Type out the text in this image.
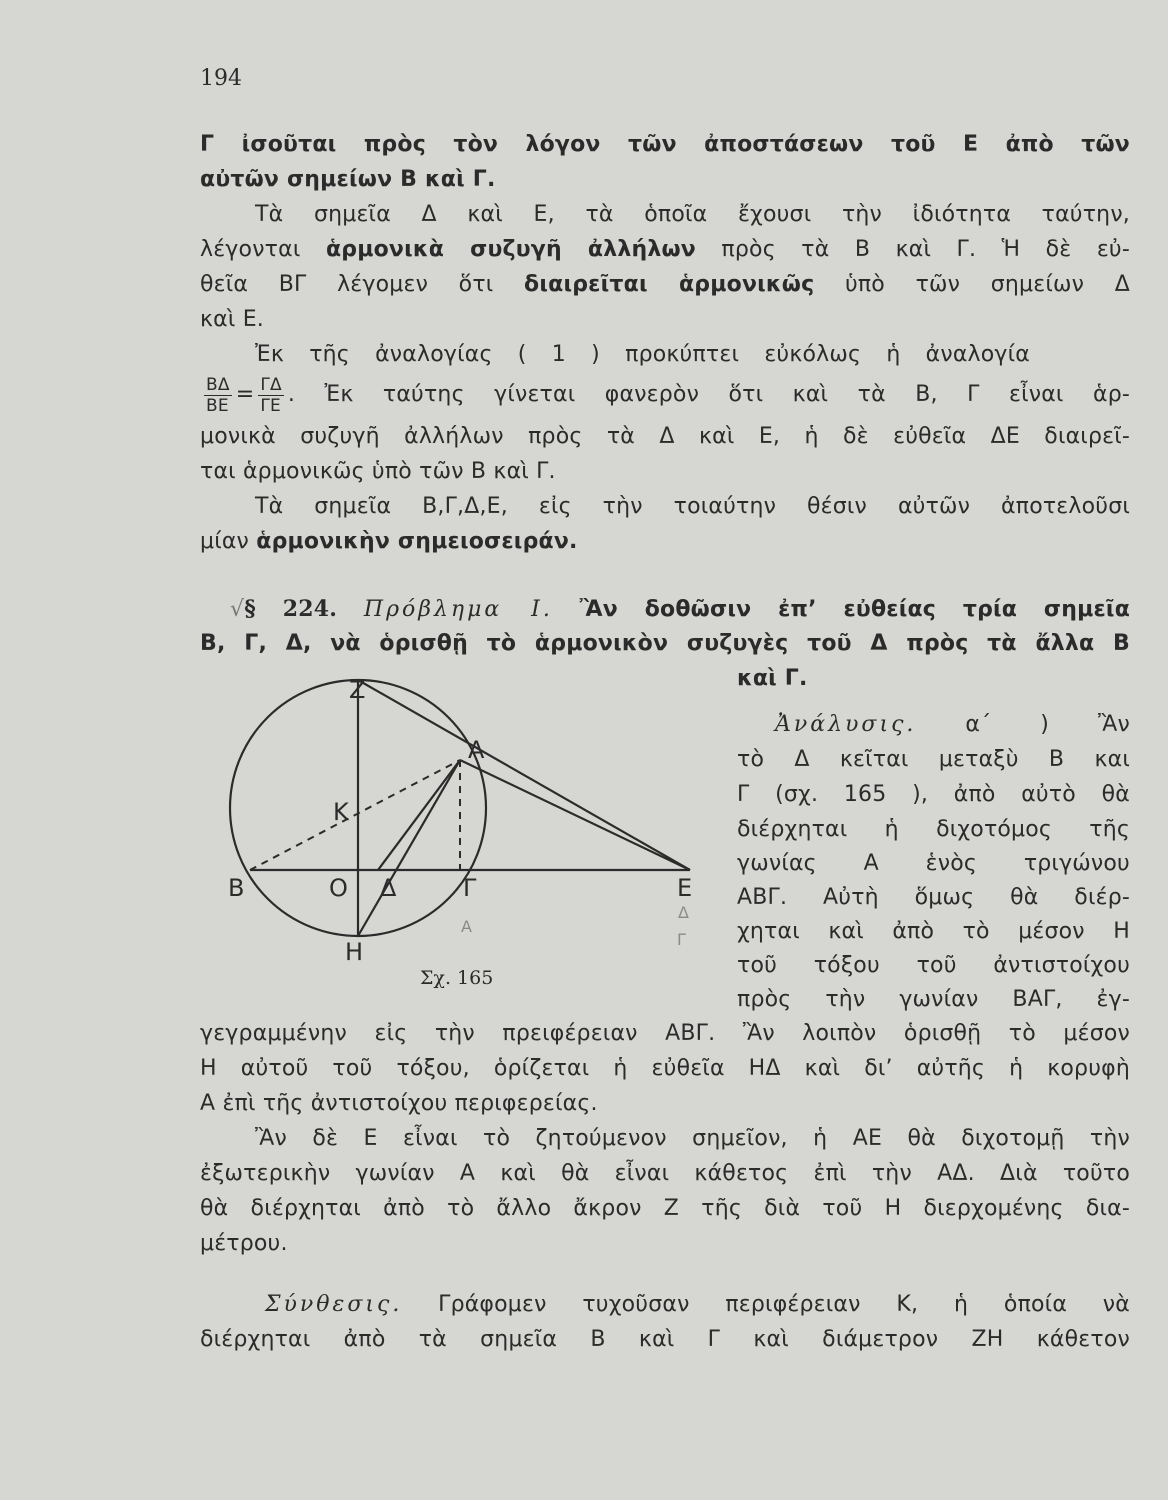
194
Γ ἰσοῦται πρὸς τὸν λόγον τῶν ἀποστάσεων τοῦ Ε ἀπὸ τῶν
αὐτῶν σημείων Β καὶ Γ.
Τὰ σημεῖα Δ καὶ Ε, τὰ ὁποῖα ἔχουσι τὴν ἰδιότητα ταύτην,
λέγονται ἁρμονικὰ συζυγῆ ἀλλήλων πρὸς τὰ Β καὶ Γ. Ἡ δὲ εὐ-
θεῖα ΒΓ λέγομεν ὅτι διαιρεῖται ἁρμονικῶς ὑπὸ τῶν σημείων Δ
καὶ Ε.
Ἐκ τῆς ἀναλογίας ( 1 ) προκύπτει εὐκόλως ἡ ἀναλογία
$\frac{B\Delta}{BE} = \frac{\Gamma\Delta}{\Gamma E}$ . Ἐκ ταύτης γίνεται φανερὸν ὅτι καὶ τὰ Β, Γ εἶναι ἁρ-
μονικὰ συζυγῆ ἀλλήλων πρὸς τὰ Δ καὶ Ε, ἡ δὲ εὐθεῖα ΔΕ διαιρεῖ-
ται ἁρμονικῶς ὑπὸ τῶν Β καὶ Γ.
Τὰ σημεῖα Β,Γ,Δ,Ε, εἰς τὴν τοιαύτην θέσιν αὐτῶν ἀποτελοῦσι
μίαν ἁρμονικὴν σημειοσειράν.
√§ 224. Πρόβλημα Ι. Ἂν δοθῶσιν ἐπ’ εὐθείας τρία σημεῖα
Β, Γ, Δ, νὰ ὁρισθῇ τὸ ἁρμονικὸν συζυγὲς τοῦ Δ πρὸς τὰ ἄλλα Β
καὶ Γ.
Ἀνάλυσις. α΄ ) Ἂν
τὸ Δ κεῖται μεταξὺ Β και
Γ (σχ. 165 ), ἀπὸ αὐτὸ θὰ
διέρχηται ἡ διχοτόμος τῆς
γωνίας Α ἑνὸς τριγώνου
ΑΒΓ. Αὐτὴ ὅμως θὰ διέρ-
χηται καὶ ἀπὸ τὸ μέσον Η
τοῦ τόξου τοῦ ἀντιστοίχου
πρὸς τὴν γωνίαν ΒΑΓ, ἐγ-
γεγραμμένην εἰς τὴν πρειφέρειαν ΑΒΓ. Ἂν λοιπὸν ὁρισθῇ τὸ μέσον
Η αὐτοῦ τοῦ τόξου, ὁρίζεται ἡ εὐθεῖα ΗΔ καὶ δι’ αὐτῆς ἡ κορυφὴ
Α ἐπὶ τῆς ἀντιστοίχου περιφερείας.
Ἂν δὲ Ε εἶναι τὸ ζητούμενον σημεῖον, ἡ ΑΕ θὰ διχοτομῇ τὴν
ἐξωτερικὴν γωνίαν Α καὶ θὰ εἶναι κάθετος ἐπὶ τὴν ΑΔ. Διὰ τοῦτο
θὰ διέρχηται ἀπὸ τὸ ἄλλο ἄκρον Ζ τῆς διὰ τοῦ Η διερχομένης δια-
μέτρου.
Σύνθεσις. Γράφομεν τυχοῦσαν περιφέρειαν Κ, ἡ ὁποία νὰ
διέρχηται ἀπὸ τὰ σημεῖα Β καὶ Γ καὶ διάμετρον ΖΗ κάθετον
Z
Α
Κ
Β	Ο Δ	Γ	Ε
Η
A
Δ
Γ
Σχ. 165
